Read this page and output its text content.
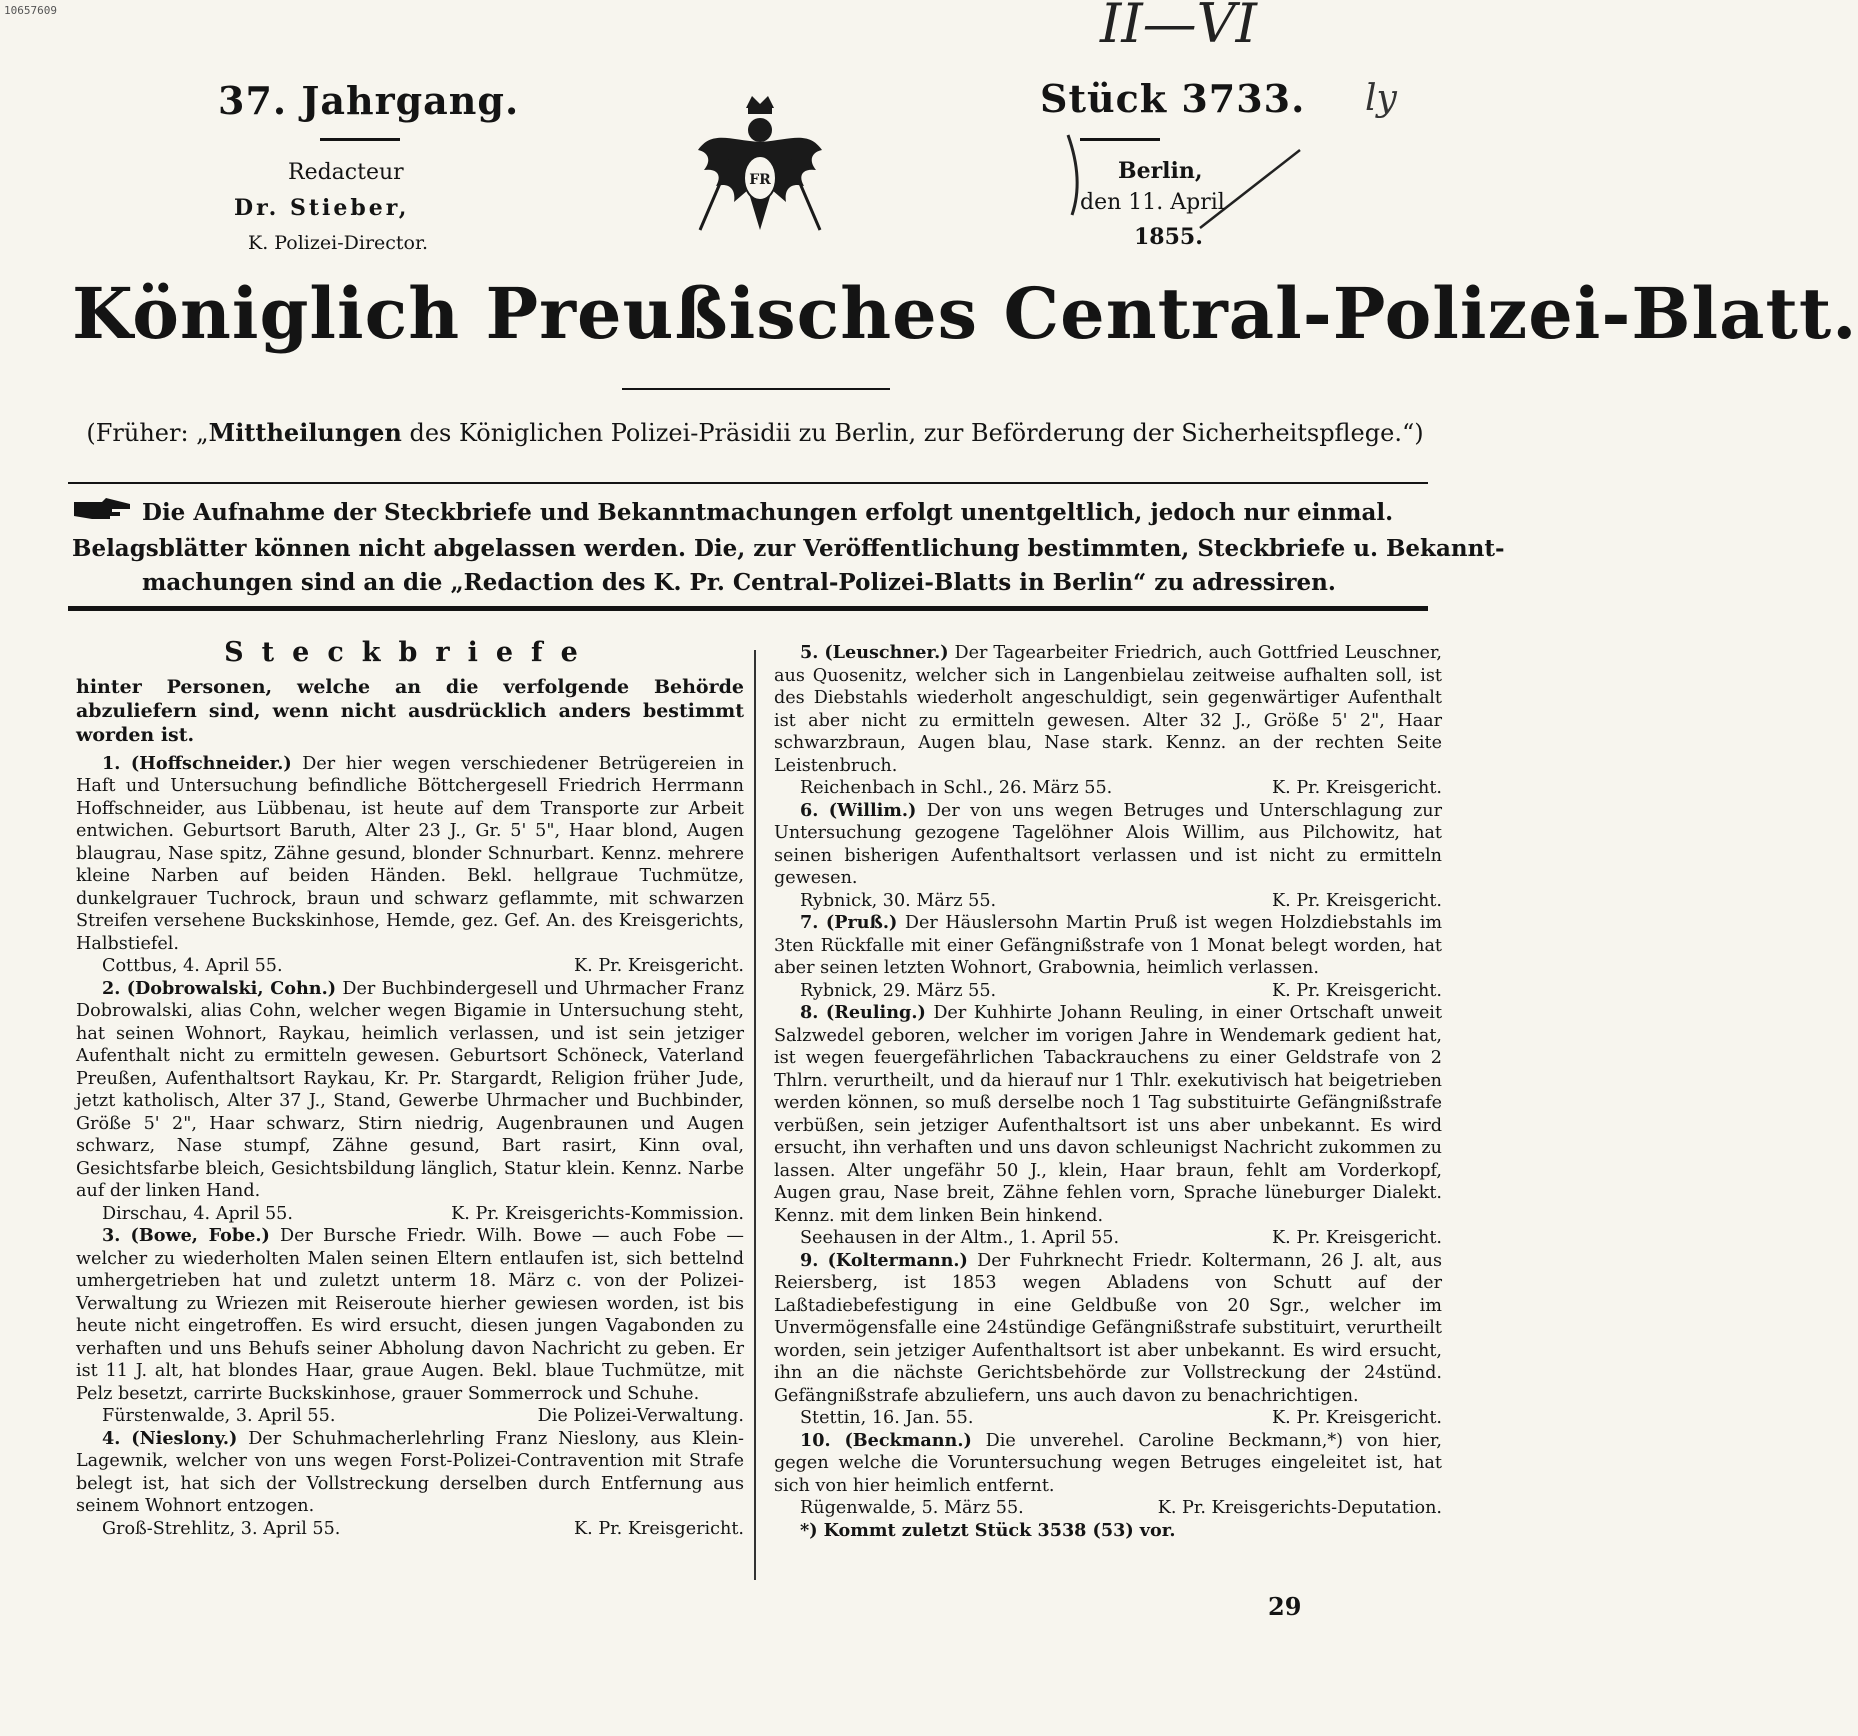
10657609	II—VI
ly
37. Jahrgang.
Redacteur
Dr. Stieber,
K. Polizei-Director.
FR
Stück 3733.
Berlin,
den 11. April
1855.
Königlich Preußisches Central-Polizei-Blatt.
(Früher: „Mittheilungen des Königlichen Polizei-Präsidii zu Berlin, zur Beförderung der Sicherheitspflege.“)
Die Aufnahme der Steckbriefe und Bekanntmachungen erfolgt unentgeltlich, jedoch nur einmal.
Belagsblätter können nicht abgelassen werden. Die, zur Veröffentlichung bestimmten, Steckbriefe u. Bekannt-
machungen sind an die „Redaction des K. Pr. Central-Polizei-Blatts in Berlin“ zu adressiren.
Steckbriefe
hinter Personen, welche an die verfolgende Behörde abzuliefern sind, wenn nicht ausdrücklich anders bestimmt worden ist.

1. (Hoffschneider.) Der hier wegen verschiedener Betrügereien in Haft und Untersuchung befindliche Böttchergesell Friedrich Herrmann Hoffschneider, aus Lübbenau, ist heute auf dem Transporte zur Arbeit entwichen. Geburtsort Baruth, Alter 23 J., Gr. 5' 5", Haar blond, Augen blaugrau, Nase spitz, Zähne gesund, blonder Schnurbart. Kennz. mehrere kleine Narben auf beiden Händen. Bekl. hellgraue Tuchmütze, dunkelgrauer Tuchrock, braun und schwarz geflammte, mit schwarzen Streifen versehene Buckskinhose, Hemde, gez. Gef. An. des Kreisgerichts, Halbstiefel.

Cottbus, 4. April 55.	K. Pr. Kreisgericht.

2. (Dobrowalski, Cohn.) Der Buchbindergesell und Uhrmacher Franz Dobrowalski, alias Cohn, welcher wegen Bigamie in Untersuchung steht, hat seinen Wohnort, Raykau, heimlich verlassen, und ist sein jetziger Aufenthalt nicht zu ermitteln gewesen. Geburtsort Schöneck, Vaterland Preußen, Aufenthaltsort Raykau, Kr. Pr. Stargardt, Religion früher Jude, jetzt katholisch, Alter 37 J., Stand, Gewerbe Uhrmacher und Buchbinder, Größe 5' 2", Haar schwarz, Stirn niedrig, Augenbraunen und Augen schwarz, Nase stumpf, Zähne gesund, Bart rasirt, Kinn oval, Gesichtsfarbe bleich, Gesichtsbildung länglich, Statur klein. Kennz. Narbe auf der linken Hand.

Dirschau, 4. April 55.	K. Pr. Kreisgerichts-Kommission.

3. (Bowe, Fobe.) Der Bursche Friedr. Wilh. Bowe — auch Fobe — welcher zu wiederholten Malen seinen Eltern entlaufen ist, sich bettelnd umhergetrieben hat und zuletzt unterm 18. März c. von der Polizei-Verwaltung zu Wriezen mit Reiseroute hierher gewiesen worden, ist bis heute nicht eingetroffen. Es wird ersucht, diesen jungen Vagabonden zu verhaften und uns Behufs seiner Abholung davon Nachricht zu geben. Er ist 11 J. alt, hat blondes Haar, graue Augen. Bekl. blaue Tuchmütze, mit Pelz besetzt, carrirte Buckskinhose, grauer Sommerrock und Schuhe.

Fürstenwalde, 3. April 55.	Die Polizei-Verwaltung.

4. (Nieslony.) Der Schuhmacherlehrling Franz Nieslony, aus Klein-Lagewnik, welcher von uns wegen Forst-Polizei-Contravention mit Strafe belegt ist, hat sich der Vollstreckung derselben durch Entfernung aus seinem Wohnort entzogen.

Groß-Strehlitz, 3. April 55.	K. Pr. Kreisgericht.

5. (Leuschner.) Der Tagearbeiter Friedrich, auch Gottfried Leuschner, aus Quosenitz, welcher sich in Langenbielau zeitweise aufhalten soll, ist des Diebstahls wiederholt angeschuldigt, sein gegenwärtiger Aufenthalt ist aber nicht zu ermitteln gewesen. Alter 32 J., Größe 5' 2", Haar schwarzbraun, Augen blau, Nase stark. Kennz. an der rechten Seite Leistenbruch.

Reichenbach in Schl., 26. März 55.	K. Pr. Kreisgericht.

6. (Willim.) Der von uns wegen Betruges und Unterschlagung zur Untersuchung gezogene Tagelöhner Alois Willim, aus Pilchowitz, hat seinen bisherigen Aufenthaltsort verlassen und ist nicht zu ermitteln gewesen.

Rybnick, 30. März 55.	K. Pr. Kreisgericht.

7. (Pruß.) Der Häuslersohn Martin Pruß ist wegen Holzdiebstahls im 3ten Rückfalle mit einer Gefängnißstrafe von 1 Monat belegt worden, hat aber seinen letzten Wohnort, Grabownia, heimlich verlassen.

Rybnick, 29. März 55.	K. Pr. Kreisgericht.

8. (Reuling.) Der Kuhhirte Johann Reuling, in einer Ortschaft unweit Salzwedel geboren, welcher im vorigen Jahre in Wendemark gedient hat, ist wegen feuergefährlichen Tabackrauchens zu einer Geldstrafe von 2 Thlrn. verurtheilt, und da hierauf nur 1 Thlr. exekutivisch hat beigetrieben werden können, so muß derselbe noch 1 Tag substituirte Gefängnißstrafe verbüßen, sein jetziger Aufenthaltsort ist uns aber unbekannt. Es wird ersucht, ihn verhaften und uns davon schleunigst Nachricht zukommen zu lassen. Alter ungefähr 50 J., klein, Haar braun, fehlt am Vorderkopf, Augen grau, Nase breit, Zähne fehlen vorn, Sprache lüneburger Dialekt. Kennz. mit dem linken Bein hinkend.

Seehausen in der Altm., 1. April 55.	K. Pr. Kreisgericht.

9. (Koltermann.) Der Fuhrknecht Friedr. Koltermann, 26 J. alt, aus Reiersberg, ist 1853 wegen Abladens von Schutt auf der Laßtadiebefestigung in eine Geldbuße von 20 Sgr., welcher im Unvermögensfalle eine 24stündige Gefängnißstrafe substituirt, verurtheilt worden, sein jetziger Aufenthaltsort ist aber unbekannt. Es wird ersucht, ihn an die nächste Gerichtsbehörde zur Vollstreckung der 24stünd. Gefängnißstrafe abzuliefern, uns auch davon zu benachrichtigen.

Stettin, 16. Jan. 55.	K. Pr. Kreisgericht.

10. (Beckmann.) Die unverehel. Caroline Beckmann,*) von hier, gegen welche die Voruntersuchung wegen Betruges eingeleitet ist, hat sich von hier heimlich entfernt.

Rügenwalde, 5. März 55.	K. Pr. Kreisgerichts-Deputation.
*) Kommt zuletzt Stück 3538 (53) vor.
29
